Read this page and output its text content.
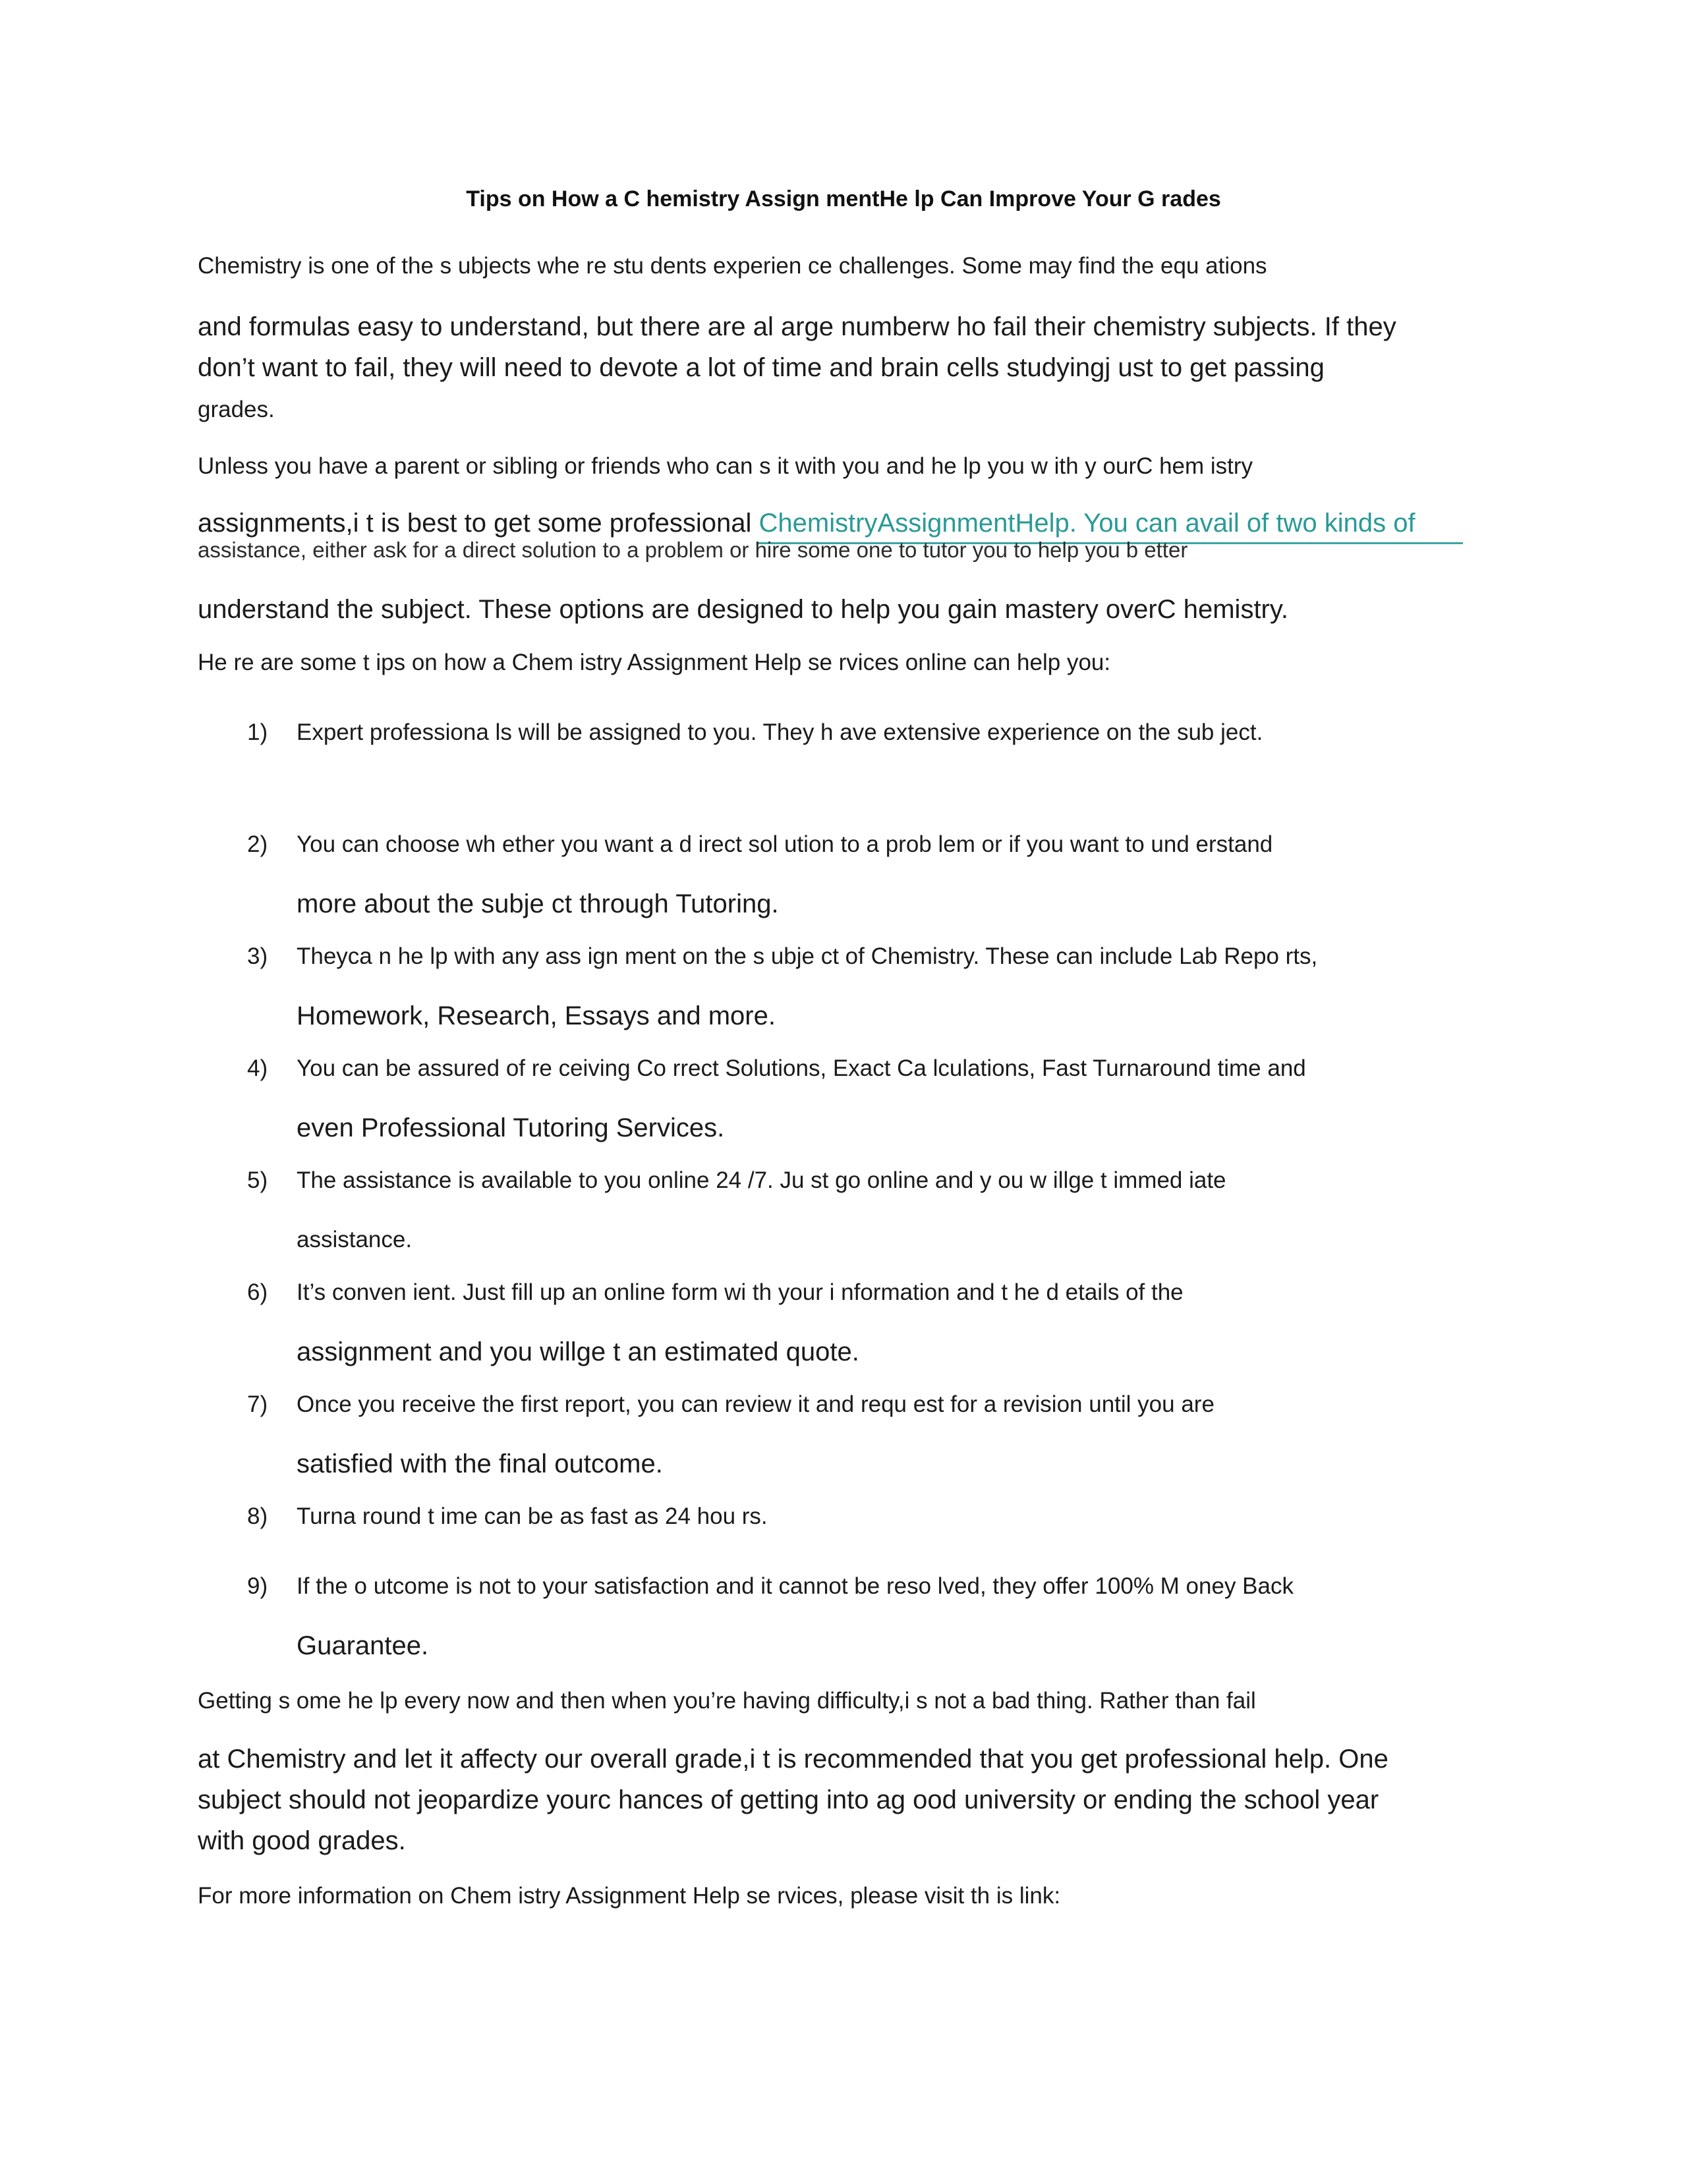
Tips on How a C hemistry Assign mentHe lp Can Improve Your G rades

Chemistry is one of the s ubjects whe re stu dents experien ce challenges. Some may find the equ ations

and formulas easy to understand, but there are al arge numberw ho fail their chemistry subjects. If they

don’t want to fail, they will need to devote a lot of time and brain cells studyingj ust to get passing

grades.

Unless you have a parent or sibling or friends who can s it with you and he lp you w ith y ourC hem istry

assignments,i t is best to get some professional ChemistryAssignmentHelp. You can avail of two kinds of

assistance, either ask for a direct solution to a problem or hire some one to tutor you to help you b etter

understand the subject. These options are designed to help you gain mastery overC hemistry.

He re are some t ips on how a Chem istry Assignment Help se rvices online can help you:

1) Expert professiona ls will be assigned to you. They h ave extensive experience on the sub ject.

2) You can choose wh ether you want a d irect sol ution to a prob lem or if you want to und erstand

more about the subje ct through Tutoring.

3) Theyca n he lp with any ass ign ment on the s ubje ct of Chemistry. These can include Lab Repo rts,

Homework, Research, Essays and more.

4) You can be assured of re ceiving Co rrect Solutions, Exact Ca lculations, Fast Turnaround time and

even Professional Tutoring Services.

5) The assistance is available to you online 24 /7. Ju st go online and y ou w illge t immed iate

assistance.

6) It’s conven ient. Just fill up an online form wi th your i nformation and t he d etails of the

assignment and you willge t an estimated quote.

7) Once you receive the first report, you can review it and requ est for a revision until you are

satisfied with the final outcome.

8) Turna round t ime can be as fast as 24 hou rs.

9) If the o utcome is not to your satisfaction and it cannot be reso lved, they offer 100% M oney Back

Guarantee.

Getting s ome he lp every now and then when you’re having difficulty,i s not a bad thing. Rather than fail

at Chemistry and let it affecty our overall grade,i t is recommended that you get professional help. One

subject should not jeopardize yourc hances of getting into ag ood university or ending the school year

with good grades.

For more information on Chem istry Assignment Help se rvices, please visit th is link:
